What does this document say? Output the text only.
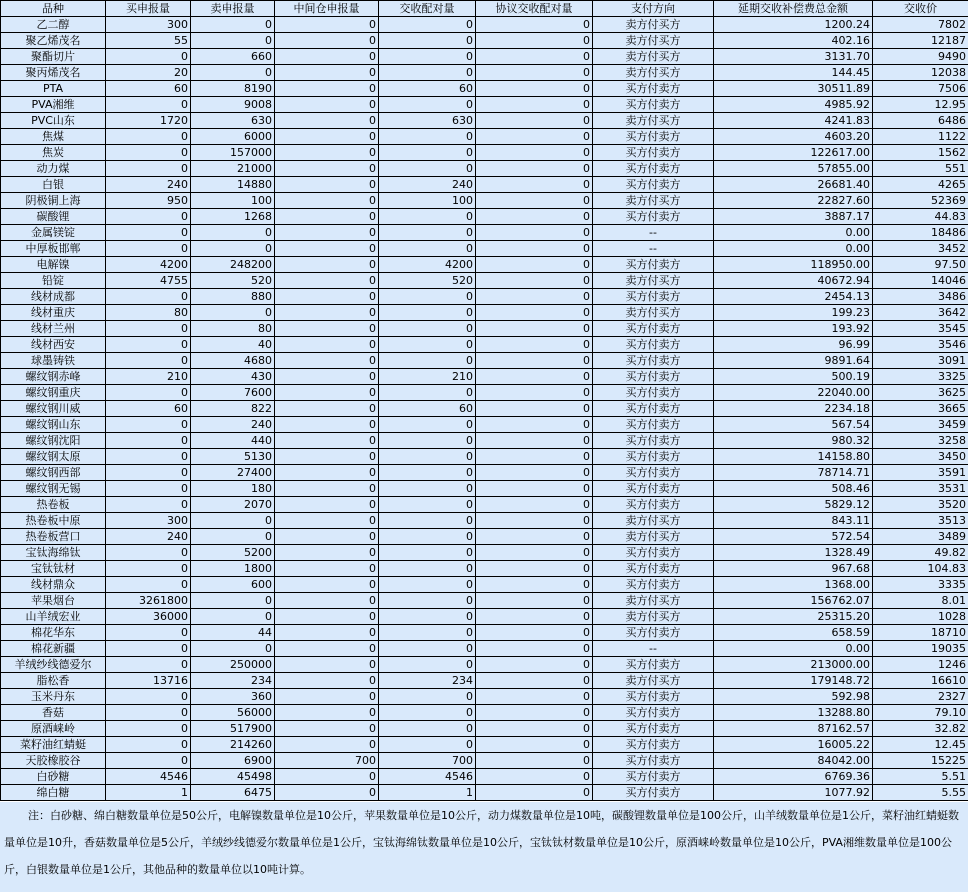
品种	买申报量	卖申报量	中间仓申报量	交收配对量	协议交收配对量	支付方向	延期交收补偿费总金额	交收价
乙二醇	300	0	0	0	0	卖方付买方	1200.24	7802
聚乙烯茂名	55	0	0	0	0	卖方付买方	402.16	12187
聚酯切片	0	660	0	0	0	卖方付买方	3131.70	9490
聚丙烯茂名	20	0	0	0	0	卖方付买方	144.45	12038
PTA	60	8190	0	60	0	买方付卖方	30511.89	7506
PVA湘维	0	9008	0	0	0	买方付卖方	4985.92	12.95
PVC山东	1720	630	0	630	0	卖方付买方	4241.83	6486
焦煤	0	6000	0	0	0	买方付卖方	4603.20	1122
焦炭	0	157000	0	0	0	买方付卖方	122617.00	1562
动力煤	0	21000	0	0	0	买方付卖方	57855.00	551
白银	240	14880	0	240	0	买方付卖方	26681.40	4265
阴极铜上海	950	100	0	100	0	卖方付买方	22827.60	52369
碳酸锂	0	1268	0	0	0	买方付卖方	3887.17	44.83
金属镁锭	0	0	0	0	0	--	0.00	18486
中厚板邯郸	0	0	0	0	0	--	0.00	3452
电解镍	4200	248200	0	4200	0	买方付卖方	118950.00	97.50
铅锭	4755	520	0	520	0	卖方付买方	40672.94	14046
线材成都	0	880	0	0	0	买方付卖方	2454.13	3486
线材重庆	80	0	0	0	0	卖方付买方	199.23	3642
线材兰州	0	80	0	0	0	买方付卖方	193.92	3545
线材西安	0	40	0	0	0	买方付卖方	96.99	3546
球墨铸铁	0	4680	0	0	0	买方付卖方	9891.64	3091
螺纹钢赤峰	210	430	0	210	0	买方付卖方	500.19	3325
螺纹钢重庆	0	7600	0	0	0	买方付卖方	22040.00	3625
螺纹钢川威	60	822	0	60	0	买方付卖方	2234.18	3665
螺纹钢山东	0	240	0	0	0	买方付卖方	567.54	3459
螺纹钢沈阳	0	440	0	0	0	买方付卖方	980.32	3258
螺纹钢太原	0	5130	0	0	0	买方付卖方	14158.80	3450
螺纹钢西部	0	27400	0	0	0	买方付卖方	78714.71	3591
螺纹钢无锡	0	180	0	0	0	买方付卖方	508.46	3531
热卷板	0	2070	0	0	0	买方付卖方	5829.12	3520
热卷板中原	300	0	0	0	0	卖方付买方	843.11	3513
热卷板营口	240	0	0	0	0	卖方付买方	572.54	3489
宝钛海绵钛	0	5200	0	0	0	买方付卖方	1328.49	49.82
宝钛钛材	0	1800	0	0	0	买方付卖方	967.68	104.83
线材鼎众	0	600	0	0	0	买方付卖方	1368.00	3335
苹果烟台	3261800	0	0	0	0	卖方付买方	156762.07	8.01
山羊绒宏业	36000	0	0	0	0	卖方付买方	25315.20	1028
棉花华东	0	44	0	0	0	买方付卖方	658.59	18710
棉花新疆	0	0	0	0	0	--	0.00	19035
羊绒纱线德爱尔	0	250000	0	0	0	买方付卖方	213000.00	1246
脂松香	13716	234	0	234	0	卖方付买方	179148.72	16610
玉米丹东	0	360	0	0	0	买方付卖方	592.98	2327
香菇	0	56000	0	0	0	买方付卖方	13288.80	79.10
原酒崃岭	0	517900	0	0	0	买方付卖方	87162.57	32.82
菜籽油红蜻蜓	0	214260	0	0	0	买方付卖方	16005.22	12.45
天胶橡胶谷	0	6900	700	700	0	买方付卖方	84042.00	15225
白砂糖	4546	45498	0	4546	0	买方付卖方	6769.36	5.51
绵白糖	1	6475	0	1	0	买方付卖方	1077.92	5.55
注：白砂糖、绵白糖数量单位是50公斤，电解镍数量单位是10公斤，苹果数量单位是10公斤，动力煤数量单位是10吨，碳酸锂数量单位是100公斤，山羊绒数量单位是1公斤，菜籽油红蜻蜓数量单位是10升，香菇数量单位是5公斤，羊绒纱线德爱尔数量单位是1公斤，宝钛海绵钛数量单位是10公斤，宝钛钛材数量单位是10公斤，原酒崃岭数量单位是10公斤，PVA湘维数量单位是100公斤，白银数量单位是1公斤，其他品种的数量单位以10吨计算。
